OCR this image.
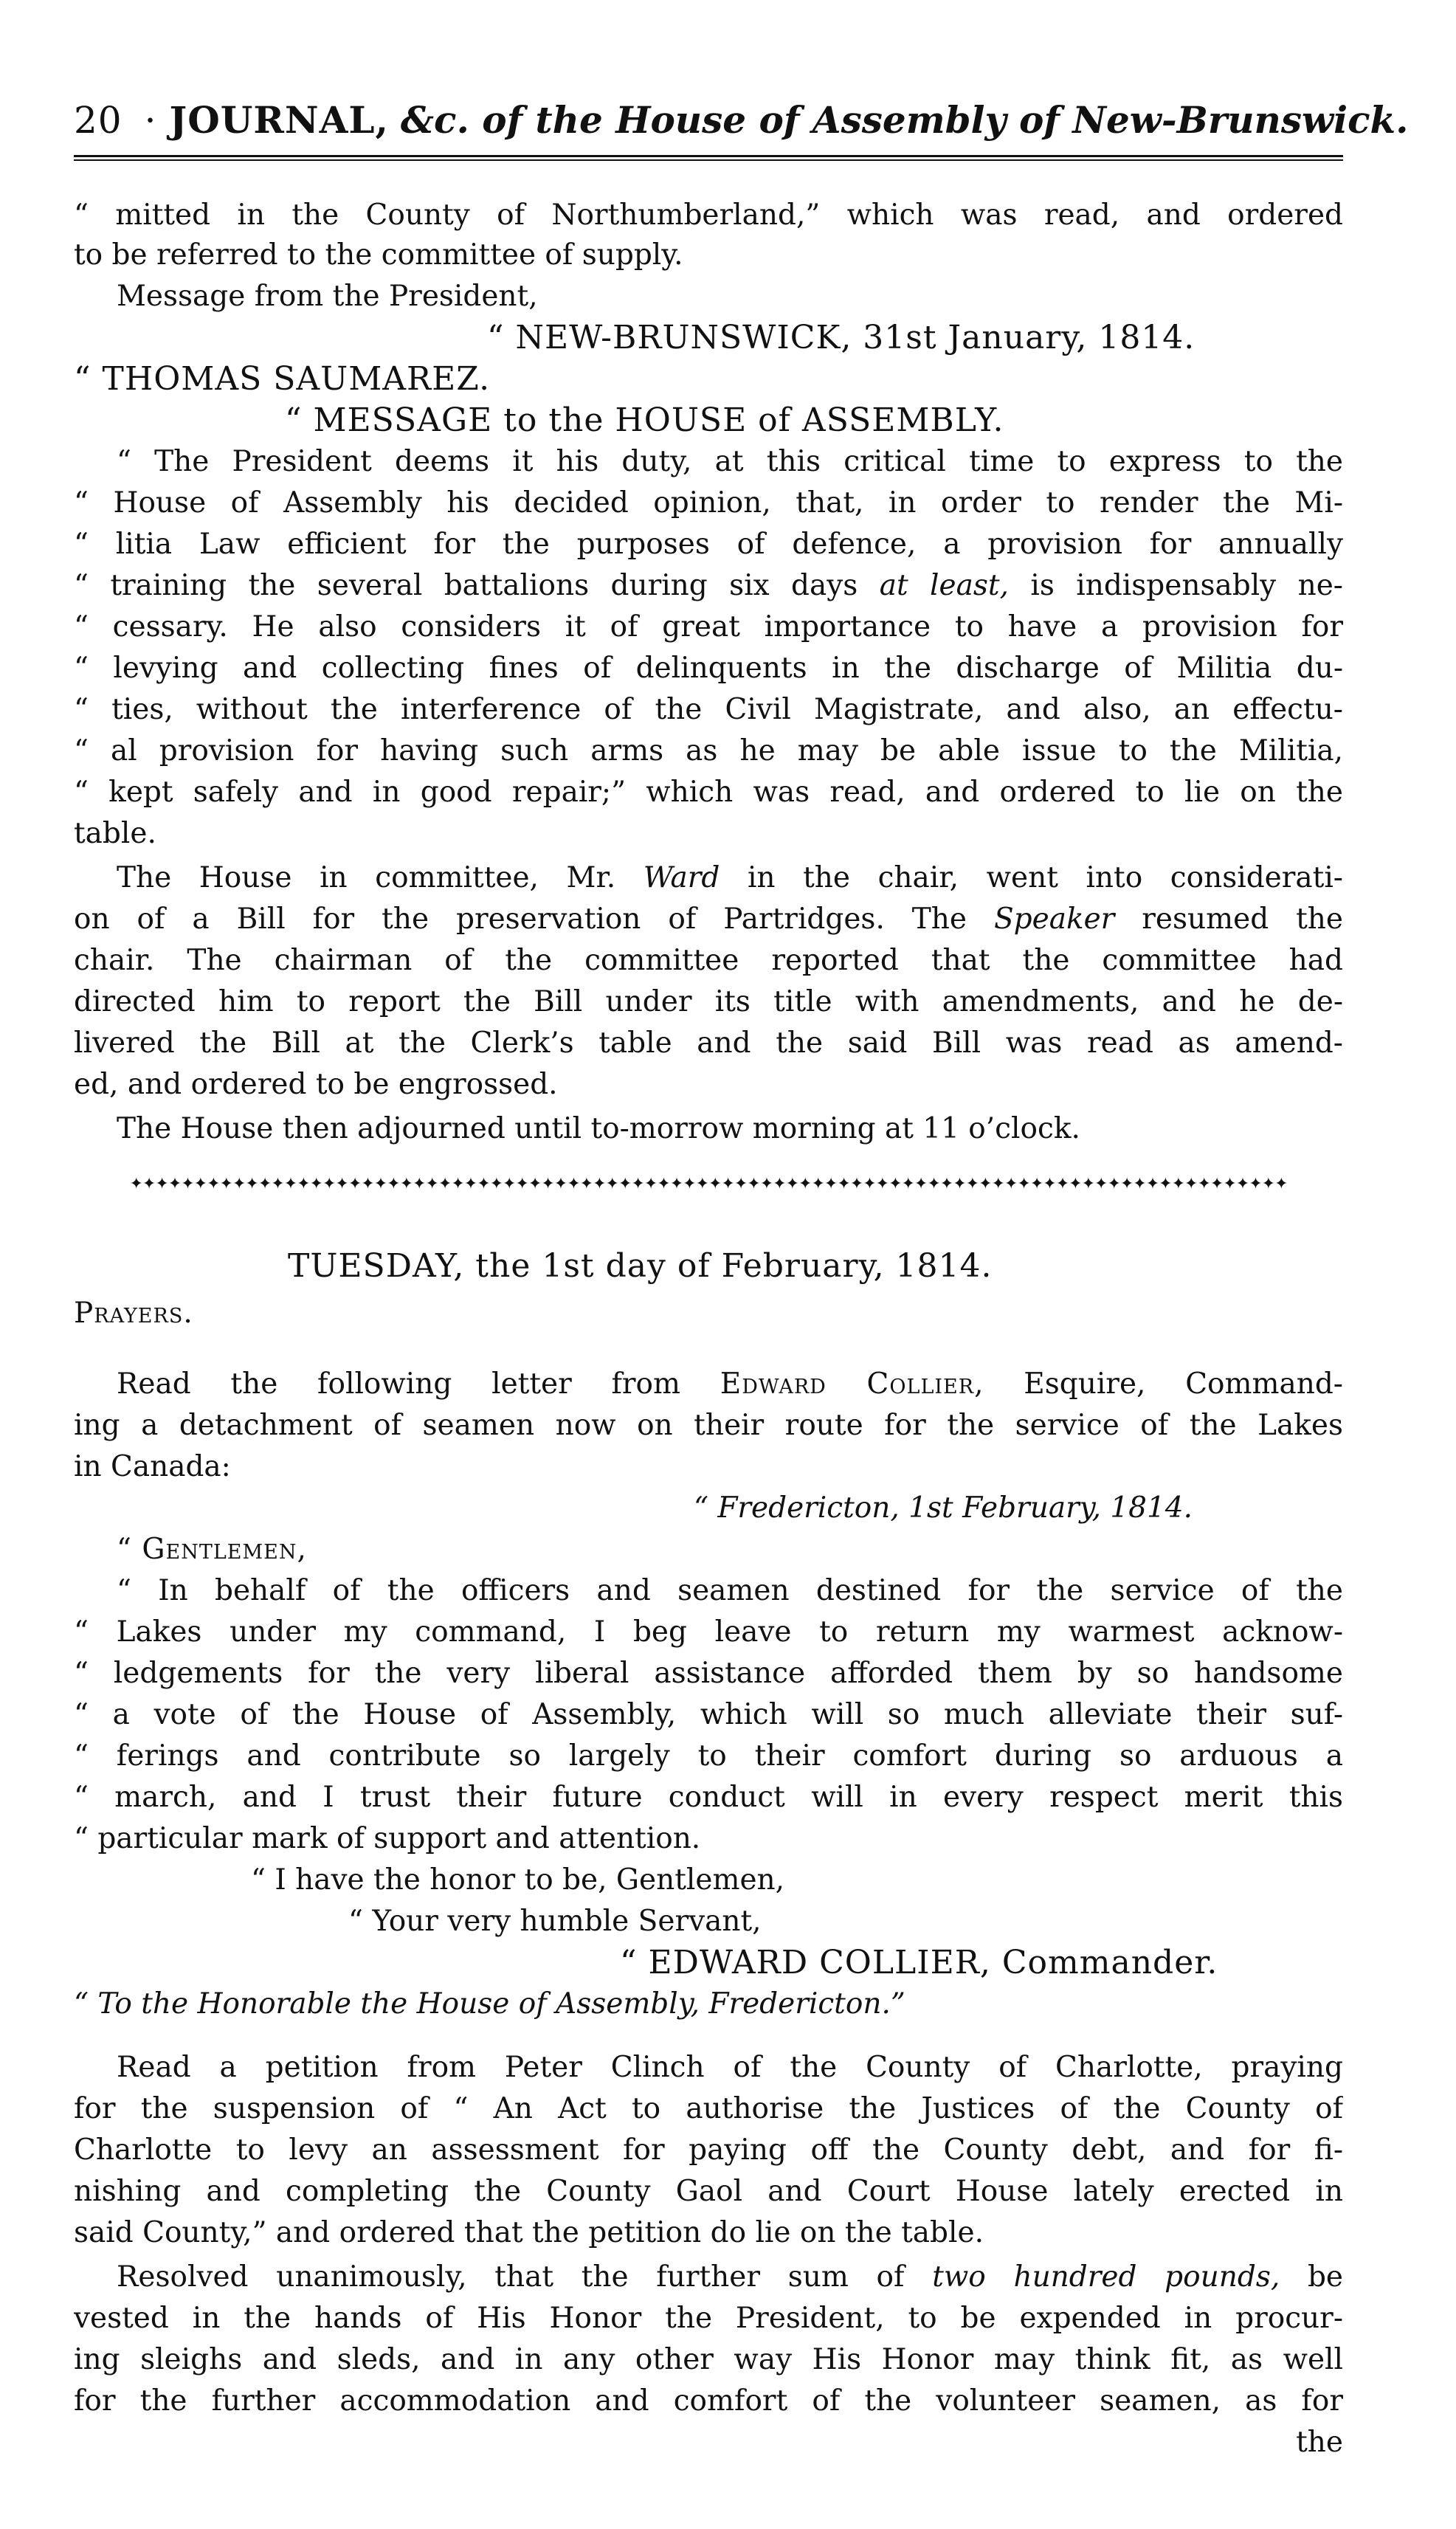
20 · JOURNAL, &c. of the House of Assembly of New-Brunswick.
“ mitted in the County of Northumberland,” which was read, and ordered
to be referred to the committee of supply.
Message from the President,
“ NEW-BRUNSWICK, 31st January, 1814.
“ THOMAS SAUMAREZ.
“ MESSAGE to the HOUSE of ASSEMBLY.
“ The President deems it his duty, at this critical time to express to the
“ House of Assembly his decided opinion, that, in order to render the Mi-
“ litia Law efficient for the purposes of defence, a provision for annually
“ training the several battalions during six days at least, is indispensably ne-
“ cessary. He also considers it of great importance to have a provision for
“ levying and collecting fines of delinquents in the discharge of Militia du-
“ ties, without the interference of the Civil Magistrate, and also, an effectu-
“ al provision for having such arms as he may be able issue to the Militia,
“ kept safely and in good repair;” which was read, and ordered to lie on the
table.
The House in committee, Mr. Ward in the chair, went into considerati-
on of a Bill for the preservation of Partridges. The Speaker resumed the
chair. The chairman of the committee reported that the committee had
directed him to report the Bill under its title with amendments, and he de-
livered the Bill at the Clerk’s table and the said Bill was read as amend-
ed, and ordered to be engrossed.
The House then adjourned until to-morrow morning at 11 o’clock.
✦✦✦✦✦✦✦✦✦✦✦✦✦✦✦✦✦✦✦✦✦✦✦✦✦✦✦✦✦✦✦✦✦✦✦✦✦✦✦✦✦✦✦✦✦✦✦✦✦✦✦✦✦✦✦✦✦✦✦✦✦✦✦✦✦✦✦✦✦✦✦✦✦✦✦✦✦✦✦✦✦✦✦✦✦✦✦✦✦✦
TUESDAY, the 1st day of February, 1814.
Prayers.
Read the following letter from Edward Collier, Esquire, Command-
ing a detachment of seamen now on their route for the service of the Lakes
in Canada:
“ Fredericton, 1st February, 1814.
“ Gentlemen,
“ In behalf of the officers and seamen destined for the service of the
“ Lakes under my command, I beg leave to return my warmest acknow-
“ ledgements for the very liberal assistance afforded them by so handsome
“ a vote of the House of Assembly, which will so much alleviate their suf-
“ ferings and contribute so largely to their comfort during so arduous a
“ march, and I trust their future conduct will in every respect merit this
“ particular mark of support and attention.
“ I have the honor to be, Gentlemen,
“ Your very humble Servant,
“ EDWARD COLLIER, Commander.
“ To the Honorable the House of Assembly, Fredericton.”
Read a petition from Peter Clinch of the County of Charlotte, praying
for the suspension of “ An Act to authorise the Justices of the County of
Charlotte to levy an assessment for paying off the County debt, and for fi-
nishing and completing the County Gaol and Court House lately erected in
said County,” and ordered that the petition do lie on the table.
Resolved unanimously, that the further sum of two hundred pounds, be
vested in the hands of His Honor the President, to be expended in procur-
ing sleighs and sleds, and in any other way His Honor may think fit, as well
for the further accommodation and comfort of the volunteer seamen, as for
the
